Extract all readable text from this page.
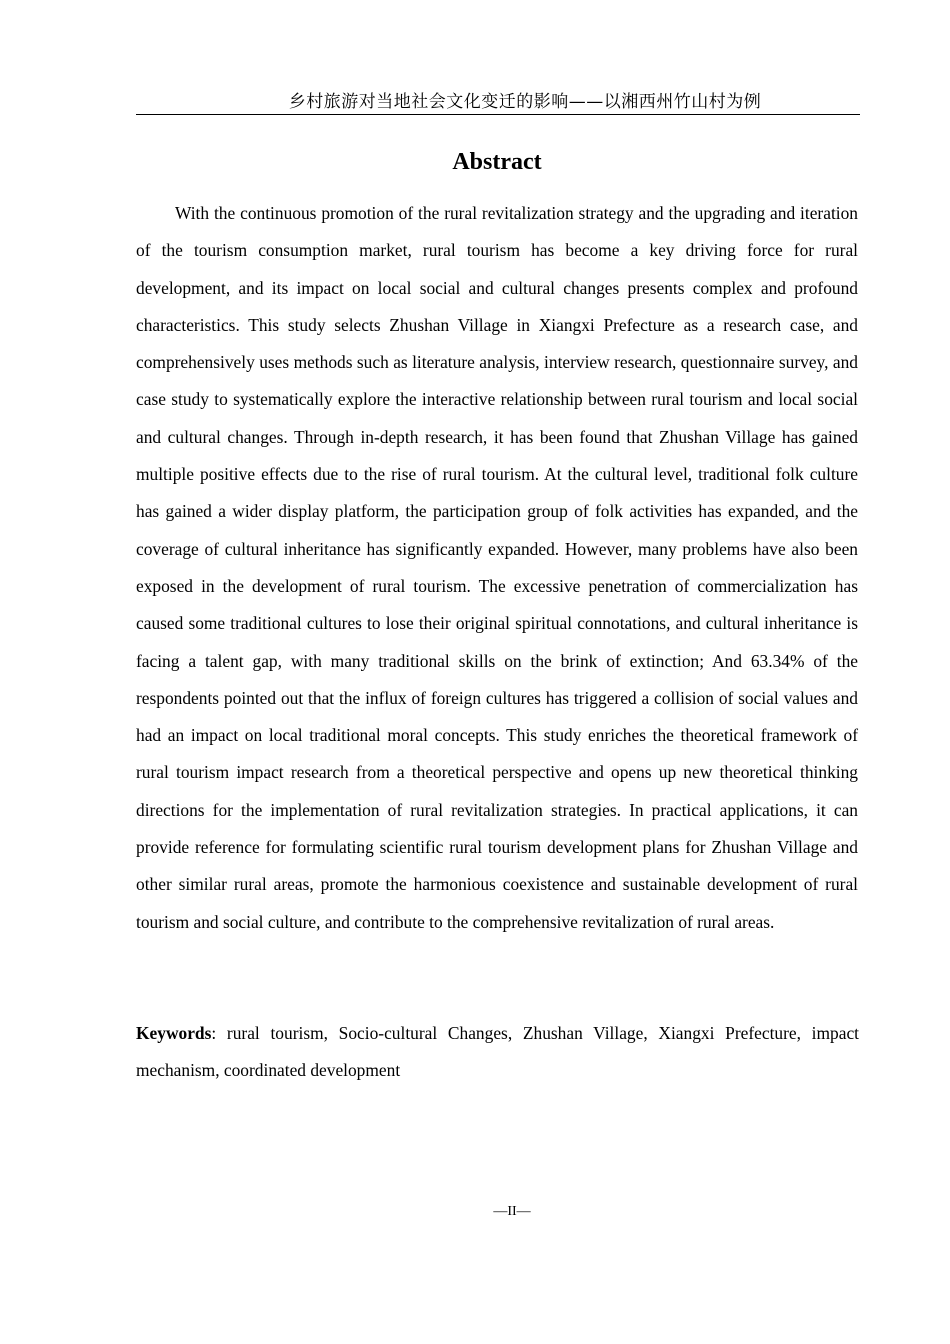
乡村旅游对当地社会文化变迁的影响——以湘西州竹山村为例
Abstract

With the continuous promotion of the rural revitalization strategy and the upgrading and iteration of the tourism consumption market, rural tourism has become a key driving force for rural development, and its impact on local social and cultural changes presents complex and profound characteristics. This study selects Zhushan Village in Xiangxi Prefecture as a research case, and comprehensively uses methods such as literature analysis, interview research, questionnaire survey, and case study to systematically explore the interactive relationship between rural tourism and local social and cultural changes. Through in-depth research, it has been found that Zhushan Village has gained multiple positive effects due to the rise of rural tourism. At the cultural level, traditional folk culture has gained a wider display platform, the participation group of folk activities has expanded, and the coverage of cultural inheritance has significantly expanded. However, many problems have also been exposed in the development of rural tourism. The excessive penetration of commercialization has caused some traditional cultures to lose their original spiritual connotations, and cultural inheritance is facing a talent gap, with many traditional skills on the brink of extinction; And 63.34% of the respondents pointed out that the influx of foreign cultures has triggered a collision of social values and had an impact on local traditional moral concepts. This study enriches the theoretical framework of rural tourism impact research from a theoretical perspective and opens up new theoretical thinking directions for the implementation of rural revitalization strategies. In practical applications, it can provide reference for formulating scientific rural tourism development plans for Zhushan Village and other similar rural areas, promote the harmonious coexistence and sustainable development of rural tourism and social culture, and contribute to the comprehensive revitalization of rural areas.

Keywords: rural tourism, Socio-cultural Changes, Zhushan Village, Xiangxi Prefecture, impact mechanism, coordinated development

—II—
